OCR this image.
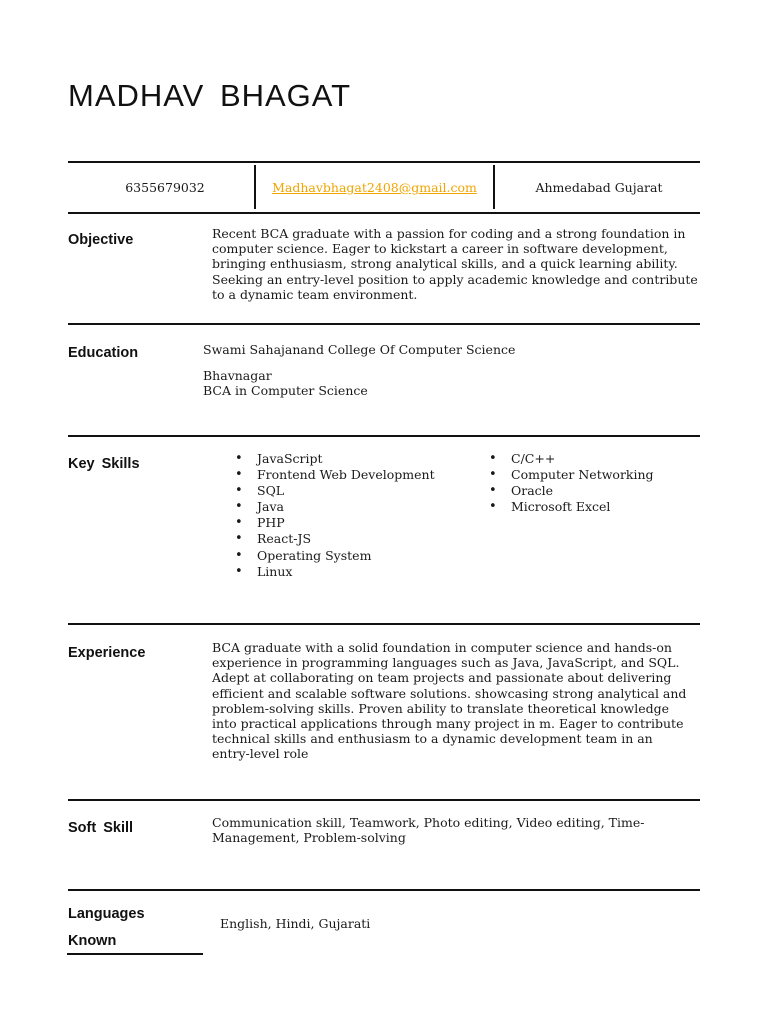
MADHAV BHAGAT
6355679032	Madhavbhagat2408@gmail.com	Ahmedabad Gujarat
Objective	Recent BCA graduate with a passion for coding and a strong foundation in computer science. Eager to kickstart a career in software development, bringing enthusiasm, strong analytical skills, and a quick learning ability. Seeking an entry-level position to apply academic knowledge and contribute to a dynamic team environment.
Education	Swami Sahajanand College Of Computer Science
Bhavnagar
BCA in Computer Science
Key Skills
•	JavaScript
• Frontend Web Development
• SQL
• Java
• PHP
• React-JS
• Operating System
• Linux
• C/C++
• Computer Networking
• Oracle
• Microsoft Excel
Experience	BCA graduate with a solid foundation in computer science and hands-on experience in programming languages such as Java, JavaScript, and SQL. Adept at collaborating on team projects and passionate about delivering efficient and scalable software solutions. showcasing strong analytical and problem-solving skills. Proven ability to translate theoretical knowledge into practical applications through many project in m. Eager to contribute technical skills and enthusiasm to a dynamic development team in an entry-level role
Soft Skill	Communication skill, Teamwork, Photo editing, Video editing, Time-Management, Problem-solving
Languages
Known
English, Hindi, Gujarati
